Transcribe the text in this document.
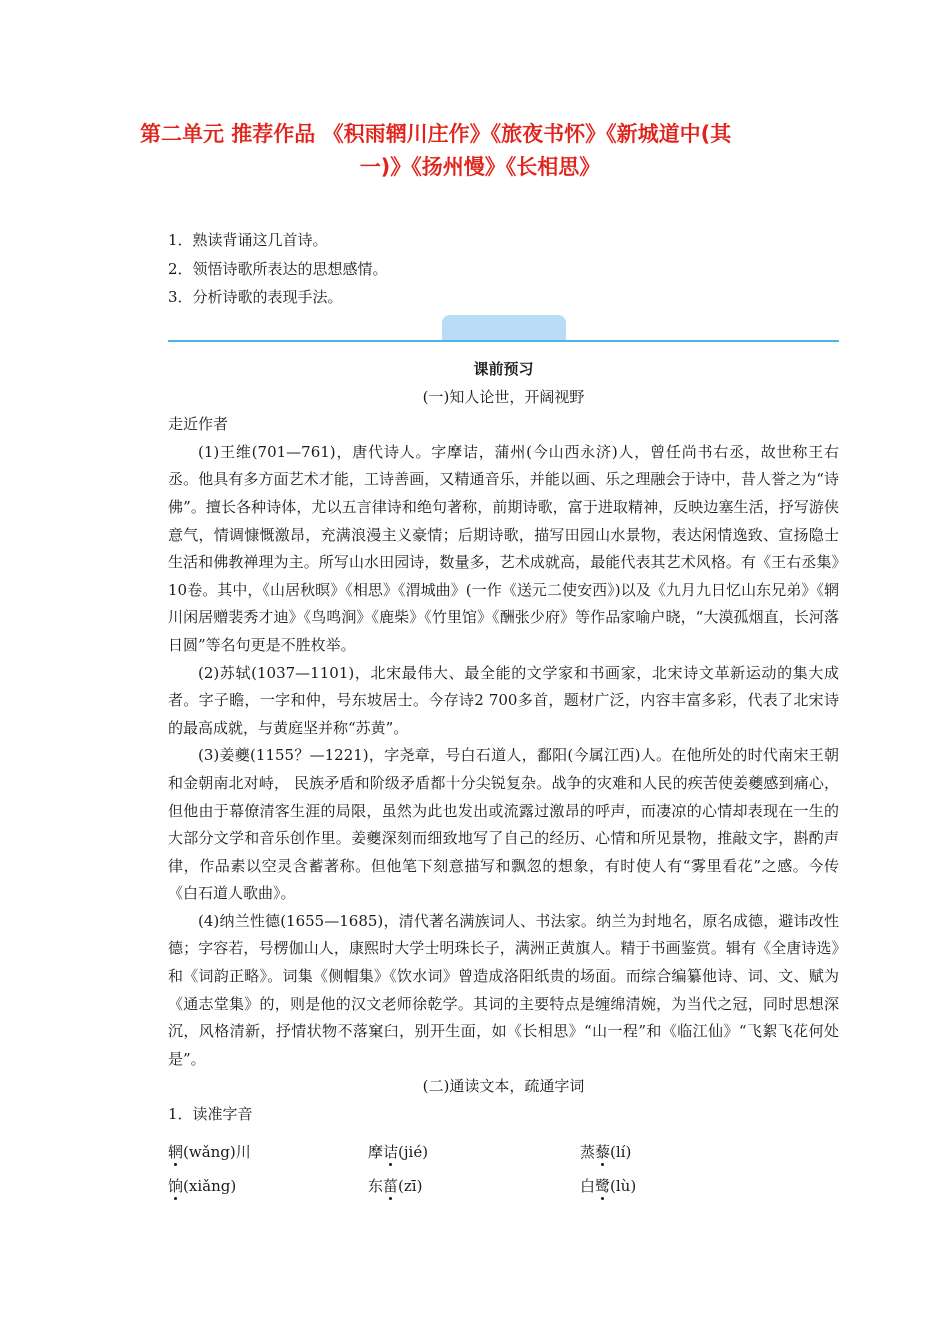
第二单元 推荐作品 《积雨辋川庄作》《旅夜书怀》《新城道中(其
一)》《扬州慢》《长相思》
1．熟读背诵这几首诗。
2．领悟诗歌所表达的思想感情。
3．分析诗歌的表现手法。
课前预习
(一)知人论世，开阔视野
走近作者

(1)王维(701—761)，唐代诗人。字摩诘，蒲州(今山西永济)人，曾任尚书右丞，故世称王右丞。他具有多方面艺术才能，工诗善画，又精通音乐，并能以画、乐之理融会于诗中，昔人誉之为“诗佛”。擅长各种诗体，尤以五言律诗和绝句著称，前期诗歌，富于进取精神，反映边塞生活，抒写游侠意气，情调慷慨激昂，充满浪漫主义豪情；后期诗歌，描写田园山水景物，表达闲情逸致、宣扬隐士生活和佛教禅理为主。所写山水田园诗，数量多，艺术成就高，最能代表其艺术风格。有《王右丞集》10卷。其中，《山居秋暝》《相思》《渭城曲》(一作《送元二使安西》)以及《九月九日忆山东兄弟》《辋川闲居赠裴秀才迪》《鸟鸣涧》《鹿柴》《竹里馆》《酬张少府》等作品家喻户晓，“大漠孤烟直，长河落日圆”等名句更是不胜枚举。

(2)苏轼(1037—1101)，北宋最伟大、最全能的文学家和书画家，北宋诗文革新运动的集大成者。字子瞻，一字和仲，号东坡居士。今存诗2 700多首，题材广泛，内容丰富多彩，代表了北宋诗的最高成就，与黄庭坚并称“苏黄”。

(3)姜夔(1155？—1221)，字尧章，号白石道人，鄱阳(今属江西)人。在他所处的时代南宋王朝和金朝南北对峙， 民族矛盾和阶级矛盾都十分尖锐复杂。战争的灾难和人民的疾苦使姜夔感到痛心，但他由于幕僚清客生涯的局限，虽然为此也发出或流露过激昂的呼声，而凄凉的心情却表现在一生的大部分文学和音乐创作里。姜夔深刻而细致地写了自己的经历、心情和所见景物，推敲文字，斟酌声律，作品素以空灵含蓄著称。但他笔下刻意描写和飘忽的想象，有时使人有“雾里看花”之感。今传《白石道人歌曲》。

(4)纳兰性德(1655—1685)，清代著名满族词人、书法家。纳兰为封地名，原名成德，避讳改性德；字容若，号楞伽山人，康熙时大学士明珠长子，满洲正黄旗人。精于书画鉴赏。辑有《全唐诗选》和《词韵正略》。词集《侧帽集》《饮水词》曾造成洛阳纸贵的场面。而综合编纂他诗、词、文、赋为《通志堂集》的，则是他的汉文老师徐乾学。其词的主要特点是缠绵清婉，为当代之冠，同时思想深沉，风格清新，抒情状物不落窠臼，别开生面，如《长相思》“山一程”和《临江仙》“飞絮飞花何处是”。

(二)通读文本，疏通字词
1．读准字音
辋(wǎng)川	摩诘(jié)	蒸藜(lí)
饷(xiǎng)	东菑(zī)	白鹭(lù)
